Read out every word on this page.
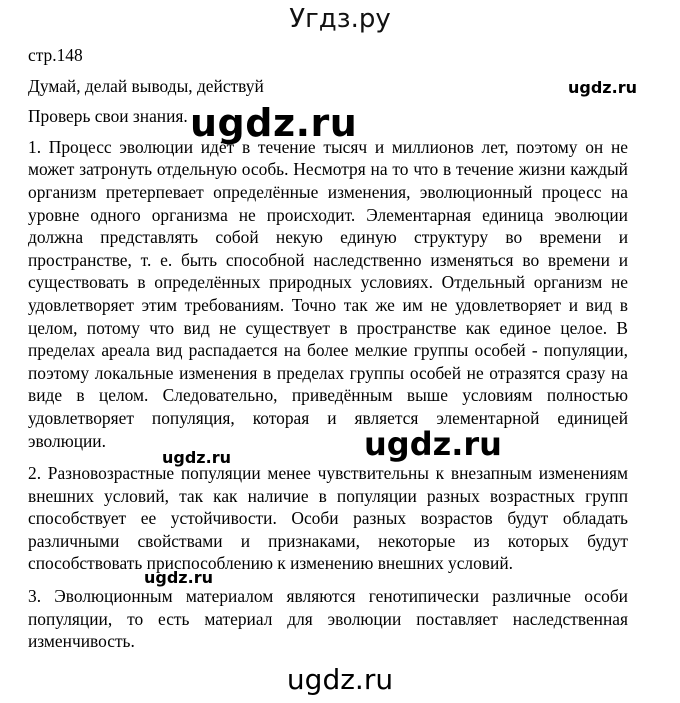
Угдз.ру

стр.148

Думай, делай выводы, действуй

Проверь свои знания.

1. Процесс эволюции идёт в течение тысяч и миллионов лет, поэтому он не может затронуть отдельную особь. Несмотря на то что в течение жизни каждый организм претерпевает определённые изменения, эволюционный процесс на уровне одного организма не происходит. Элементарная единица эволюции должна представлять собой некую единую структуру во времени и пространстве, т. е. быть способной наследственно изменяться во времени и существовать в определённых природных условиях. Отдельный организм не удовлетворяет этим требованиям. Точно так же им не удовлетворяет и вид в целом, потому что вид не существует в пространстве как единое целое. В пределах ареала вид распадается на более мелкие группы особей - популяции, поэтому локальные изменения в пределах группы особей не отразятся сразу на виде в целом. Следовательно, приведённым выше условиям полностью удовлетворяет популяция, которая и является элементарной единицей эволюции.

2. Разновозрастные популяции менее чувствительны к внезапным изменениям внешних условий, так как наличие в популяции разных возрастных групп способствует ее устойчивости. Особи разных возрастов будут обладать различными свойствами и признаками, некоторые из которых будут способствовать приспособлению к изменению внешних условий.

3. Эволюционным материалом являются генотипически различные особи популяции, то есть материал для эволюции поставляет наследственная изменчивость.

ugdz.ru
ugdz.ru
ugdz.ru
ugdz.ru
ugdz.ru
ugdz.ru
